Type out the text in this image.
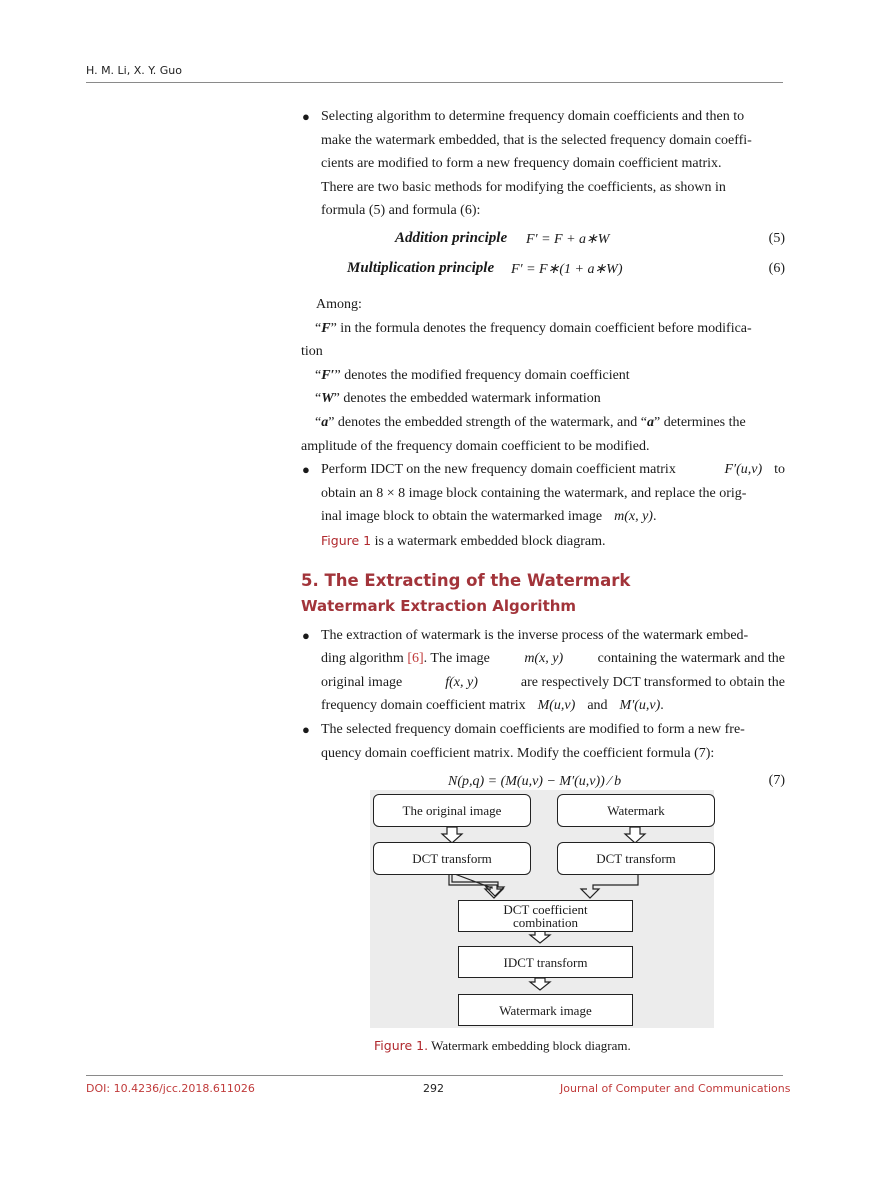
H. M. Li, X. Y. Guo
● Selecting algorithm to determine frequency domain coefficients and then to
make the watermark embedded, that is the selected frequency domain coeffi-
cients are modified to form a new frequency domain coefficient matrix.
There are two basic methods for modifying the coefficients, as shown in
formula (5) and formula (6):
Addition principle F′ = F + a∗W	(5)
Multiplication principle F′ = F∗(1 + a∗W)	(6)
Among:
“F” in the formula denotes the frequency domain coefficient before modifica-
tion
“F′” denotes the modified frequency domain coefficient
“W” denotes the embedded watermark information
“a” denotes the embedded strength of the watermark, and “a” determines the
amplitude of the frequency domain coefficient to be modified.
● Perform IDCT on the new frequency domain coefficient matrix	F′(u,v) to
obtain an 8 × 8 image block containing the watermark, and replace the orig-
inal image block to obtain the watermarked image m(x, y).
Figure 1 is a watermark embedded block diagram.
5. The Extracting of the Watermark
Watermark Extraction Algorithm
● The extraction of watermark is the inverse process of the watermark embed-
ding algorithm [6]. The image m(x, y) containing the watermark and the
original image	f(x, y)	are respectively DCT transformed to obtain the
frequency domain coefficient matrix M(u,v) and M′(u,v).
● The selected frequency domain coefficients are modified to form a new fre-
quency domain coefficient matrix. Modify the coefficient formula (7):
N(p,q) = (M(u,v) − M′(u,v)) ⁄ b	(7)
The original image	Watermark
DCT transform	DCT transform
DCT coefficient
combination
IDCT transform
Watermark image
Figure 1. Watermark embedding block diagram.
DOI: 10.4236/jcc.2018.611026	292	Journal of Computer and Communications
